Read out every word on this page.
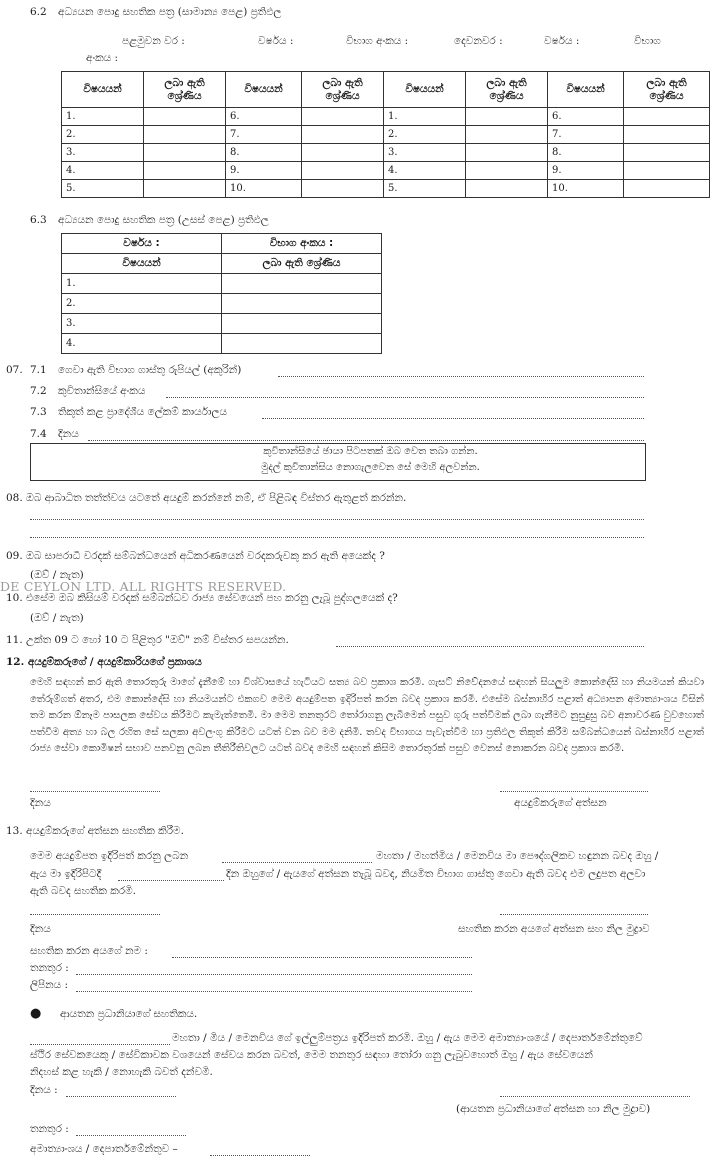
6.2 අධ්‍යයන පොදු සහතික පත්‍ර (සාමාන්‍ය පෙළ) ප්‍රතිඵල
පළමුවන වර :	වර්ෂය :	විභාග අංකය :	දෙවනවර :	වර්ෂය :	විභාග
අංකය :
විෂයයන්	ලබා ඇති ශ්‍රේණිය	විෂයයන්	ලබා ඇති ශ්‍රේණිය	විෂයයන්	ලබා ඇති ශ්‍රේණිය	විෂයයන්	ලබා ඇති ශ්‍රේණිය
1.		6.		1.		6.	
2.		7.		2.		7.	
3.		8.		3.		8.	
4.		9.		4.		9.	
5.		10.		5.		10.	
6.3 අධ්‍යයන පොදු සහතික පත්‍ර (උසස් පෙළ) ප්‍රතිඵල
වර්ෂය :	විභාග අංකය :
විෂයයන්	ලබා ඇති ශ්‍රේණිය
1.	
2.	
3.	
4.	
07. 7.1 ගෙවා ඇති විභාග ගාස්තු රුපියල් (අකුරින්)
7.2 කුවිතාන්සියේ අංකය
7.3 තිකුත් කළ ප්‍රාදේශීය ලේකම් කාර්යාලය
7.4 දිනය
කුවිතාන්සියේ ඡායා පිටපතක් ඔබ වෙත තබා ගන්න.
මුදල් කුවිතාන්සිය නොගැලවෙන සේ මෙහි අලවන්න.
08. ඔබ ආබාධිත තත්ත්වය යටතේ අයදුම් කරන්නේ නම්, ඒ පිළිබඳ විස්තර ඇතුළත් කරන්න.
09. ඔබ සාපරාධී වරදක් සම්බන්ධයෙන් අධිකරණයෙන් වරදකරුවකු කර ඇති අයෙක්ද ?
(ඔව් / නැත)
DE CEYLON LTD. ALL RIGHTS RESERVED.
10. එසේම ඔබ කිසියම් වරදක් සම්බන්ධව රාජ්‍ය සේවයෙන් පහ කරනු ලැබූ පුද්ගලයෙක් ද?
(ඔව් / නැත)
11. උක්ත 09 ට හෝ 10 ට පිළිතුර "ඔව්" නම් විස්තර සපයන්න.
12. අයදුම්කරුගේ / අයදුම්කාරියගේ ප්‍රකාශය
මෙහි සඳහන් කර ඇති තොරතුරු මාගේ දැනීමේ හා විශ්වාසයේ හැටියට සත්‍ය බව ප්‍රකාශ කරමි. ගැසට් නිවේදනයේ සඳහන් සියලුම කොන්දේසි හා නියමයන් කියවා තේරුම්ගත් අතර, එම කොන්දේසි හා නියමයන්ට එකගව මෙම අයදුම්පත ඉදිරිපත් කරන බවද ප්‍රකාශ කරමි. එසේම බස්නාහිර පළාත් අධ්‍යාපන අමාත්‍යාංශය විසින් තම කරන ඕනෑම පාසලක සේවය කිරීමට කැමැත්තෙමි. මා මෙම තනතුරට තෝරාගනු ලැබීමෙන් පසුව ගුරු පත්වීමක් ලබා ගැනීමට නුසුදුසු බව අනාවරණ වුවහොත් පත්වීම අත්‍ය හා බල රහිත සේ සලකා අවලංගු කිරීමට යටත් වන බව මම දනිමි. තවද විභාගය පැවැත්වීම හා ප්‍රතිඵල තිකුත් කිරීම සම්බන්ධයෙන් බස්නාහිර පළාත් රාජ්‍ය සේවා කොමිෂන් සභාව පනවනු ලබන තීතිරීතිවලට යටත් බවද මෙහි සඳහන් කිසිම තොරතුරක් පසුව වෙනස් නොකරන බවද ප්‍රකාශ කරමි.
දිනය	අයදුම්කරුගේ අත්සන
13. අයදුම්කරුගේ අත්සන සහතික කිරීම.
මෙම අයදුම්පත ඉදිරිපත් කරනු ලබන	මහතා / මහත්මිය / මෙනවිය මා පෞද්ගලිකව හඳුනන බවද ඔහු /
ඇය මා ඉදිරිපිටදී	දින ඔහුගේ / ඇයගේ අත්සන තැබූ බවද, නියමිත විභාග ගාස්තු ගෙවා ඇති බවද එම ලදුපත අලවා
ඇති බවද සහතික කරමි.
දිනය	සහතික කරන අයගේ අත්සන සහ නිල මුද්‍රාව
සහතික කරන අයගේ නම :
තනතුර :
ලිපිනය :
● ආයතන ප්‍රධානියාගේ සහතිකය.
මහතා / මිය / මෙනවිය ගේ ඉල්ලුම්පත්‍රය ඉදිරිපත් කරමි. ඔහු / ඇය මෙම අමාත්‍යාංශයේ / දෙපාර්තමේන්තුවේ
ස්ථිර සේවකයෙකු / සේවිකාවක වශයෙන් සේවය කරන බවත්, මෙම තනතුර සඳහා තෝරා ගනු ලැබුවහොත් ඔහු / ඇය සේවයෙන්
නිදහස් කළ හැකි / නොහැකි බවත් දන්වමි.
දිනය :
(ආයතන ප්‍රධානියාගේ අත්සන හා නිල මුද්‍රාව)
තනතුර :
අමාත්‍යාංශය / දෙපාර්තමේන්තුව –
